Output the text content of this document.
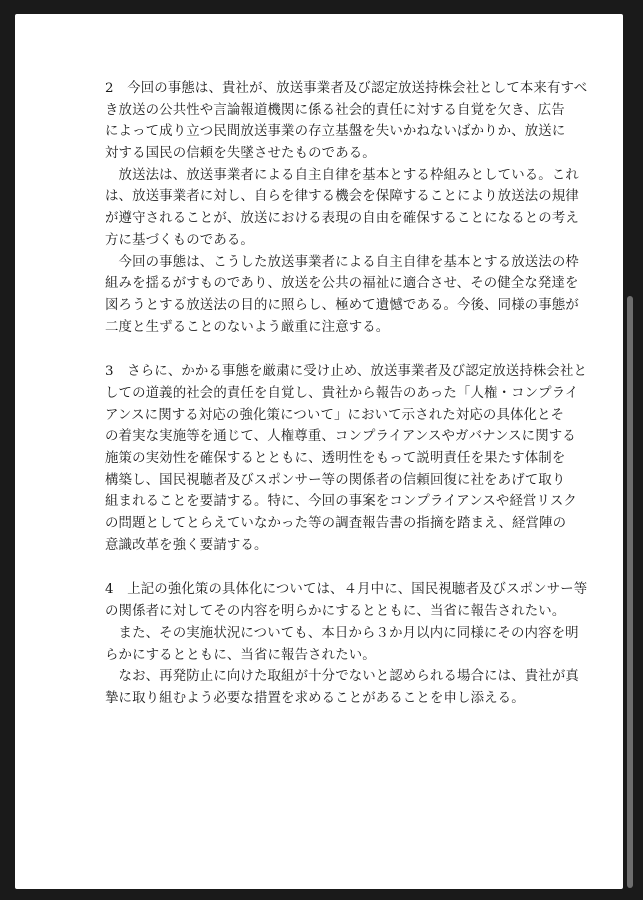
2　今回の事態は、貴社が、放送事業者及び認定放送持株会社として本来有すべ
き放送の公共性や言論報道機関に係る社会的責任に対する自覚を欠き、広告
によって成り立つ民間放送事業の存立基盤を失いかねないばかりか、放送に
対する国民の信頼を失墜させたものである。
　放送法は、放送事業者による自主自律を基本とする枠組みとしている。これ
は、放送事業者に対し、自らを律する機会を保障することにより放送法の規律
が遵守されることが、放送における表現の自由を確保することになるとの考え
方に基づくものである。
　今回の事態は、こうした放送事業者による自主自律を基本とする放送法の枠
組みを揺るがすものであり、放送を公共の福祉に適合させ、その健全な発達を
図ろうとする放送法の目的に照らし、極めて遺憾である。今後、同様の事態が
二度と生ずることのないよう厳重に注意する。
3　さらに、かかる事態を厳粛に受け止め、放送事業者及び認定放送持株会社と
しての道義的社会的責任を自覚し、貴社から報告のあった「人権・コンプライ
アンスに関する対応の強化策について」において示された対応の具体化とそ
の着実な実施等を通じて、人権尊重、コンプライアンスやガバナンスに関する
施策の実効性を確保するとともに、透明性をもって説明責任を果たす体制を
構築し、国民視聴者及びスポンサー等の関係者の信頼回復に社をあげて取り
組まれることを要請する。特に、今回の事案をコンプライアンスや経営リスク
の問題としてとらえていなかった等の調査報告書の指摘を踏まえ、経営陣の
意識改革を強く要請する。
4　上記の強化策の具体化については、４月中に、国民視聴者及びスポンサー等
の関係者に対してその内容を明らかにするとともに、当省に報告されたい。
　また、その実施状況についても、本日から３か月以内に同様にその内容を明
らかにするとともに、当省に報告されたい。
　なお、再発防止に向けた取組が十分でないと認められる場合には、貴社が真
摯に取り組むよう必要な措置を求めることがあることを申し添える。
